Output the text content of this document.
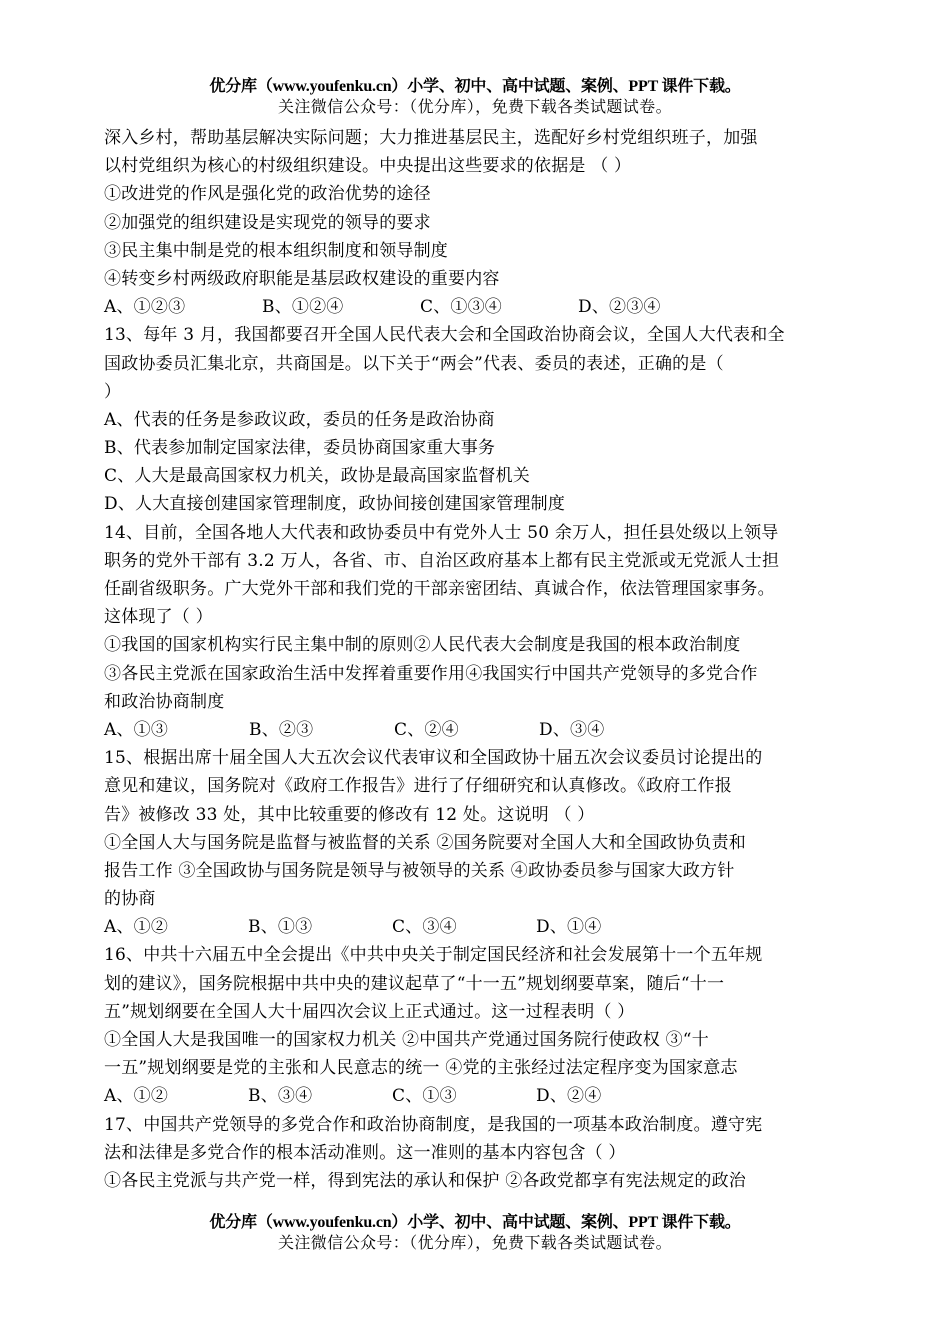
优分库（www.youfenku.cn）小学、初中、高中试题、案例、PPT 课件下载。
关注微信公众号：（优分库），免费下载各类试题试卷。
深入乡村，帮助基层解决实际问题；大力推进基层民主，选配好乡村党组织班子，加强
以村党组织为核心的村级组织建设。中央提出这些要求的依据是 （ ）
①改进党的作风是强化党的政治优势的途径
②加强党的组织建设是实现党的领导的要求
③民主集中制是党的根本组织制度和领导制度
④转变乡村两级政府职能是基层政权建设的重要内容
A、①②③	B、①②④	C、①③④	D、②③④
13、每年 3 月，我国都要召开全国人民代表大会和全国政治协商会议，全国人大代表和全
国政协委员汇集北京，共商国是。以下关于“两会”代表、委员的表述，正确的是（
）
A、代表的任务是参政议政，委员的任务是政治协商
B、代表参加制定国家法律，委员协商国家重大事务
C、人大是最高国家权力机关，政协是最高国家监督机关
D、人大直接创建国家管理制度，政协间接创建国家管理制度
14、目前，全国各地人大代表和政协委员中有党外人士 50 余万人，担任县处级以上领导
职务的党外干部有 3.2 万人，各省、市、自治区政府基本上都有民主党派或无党派人士担
任副省级职务。广大党外干部和我们党的干部亲密团结、真诚合作，依法管理国家事务。
这体现了（ ）
①我国的国家机构实行民主集中制的原则②人民代表大会制度是我国的根本政治制度
③各民主党派在国家政治生活中发挥着重要作用④我国实行中国共产党领导的多党合作
和政治协商制度
A、①③	B、②③	C、②④	D、③④
15、根据出席十届全国人大五次会议代表审议和全国政协十届五次会议委员讨论提出的
意见和建议，国务院对《政府工作报告》进行了仔细研究和认真修改。《政府工作报
告》被修改 33 处，其中比较重要的修改有 12 处。这说明 （ ）
①全国人大与国务院是监督与被监督的关系 ②国务院要对全国人大和全国政协负责和
报告工作 ③全国政协与国务院是领导与被领导的关系 ④政协委员参与国家大政方针
的协商
A、①②	B、①③	C、③④	D、①④
16、中共十六届五中全会提出《中共中央关于制定国民经济和社会发展第十一个五年规
划的建议》，国务院根据中共中央的建议起草了“十一五”规划纲要草案，随后“十一
五”规划纲要在全国人大十届四次会议上正式通过。这一过程表明（ ）
①全国人大是我国唯一的国家权力机关 ②中国共产党通过国务院行使政权 ③“十
一五”规划纲要是党的主张和人民意志的统一 ④党的主张经过法定程序变为国家意志
A、①②	B、③④	C、①③	D、②④
17、中国共产党领导的多党合作和政治协商制度，是我国的一项基本政治制度。遵守宪
法和法律是多党合作的根本活动准则。这一准则的基本内容包含（ ）
①各民主党派与共产党一样，得到宪法的承认和保护 ②各政党都享有宪法规定的政治
优分库（www.youfenku.cn）小学、初中、高中试题、案例、PPT 课件下载。
关注微信公众号：（优分库），免费下载各类试题试卷。
